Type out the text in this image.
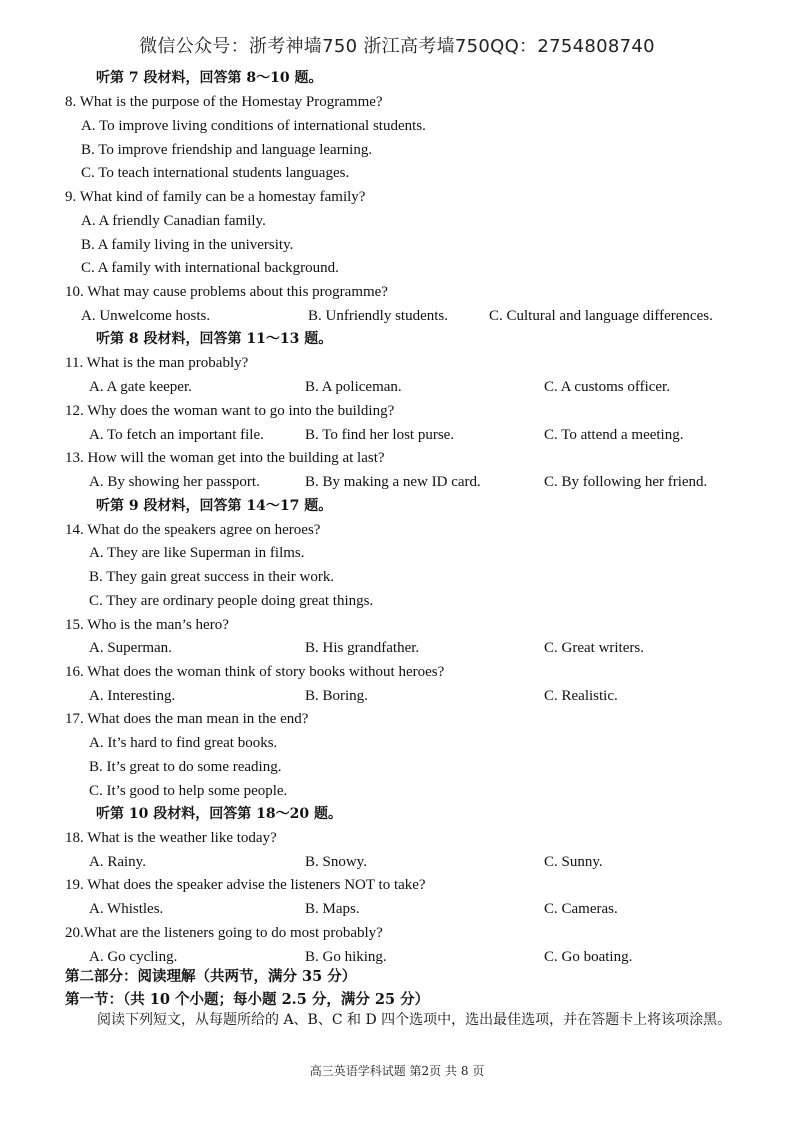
微信公众号：浙考神墙750 浙江高考墙750QQ：2754808740
听第 7 段材料，回答第 8～10 题。
8. What is the purpose of the Homestay Programme?
A. To improve living conditions of international students.
B. To improve friendship and language learning.
C. To teach international students languages.
9. What kind of family can be a homestay family?
A. A friendly Canadian family.
B. A family living in the university.
C. A family with international background.
10. What may cause problems about this programme?
A. Unwelcome hosts.	B. Unfriendly students.	C. Cultural and language differences.
听第 8 段材料，回答第 11～13 题。
11. What is the man probably?
A. A gate keeper.	B. A policeman.	C. A customs officer.
12. Why does the woman want to go into the building?
A. To fetch an important file.	B. To find her lost purse.	C. To attend a meeting.
13. How will the woman get into the building at last?
A. By showing her passport.	B. By making a new ID card.	C. By following her friend.
听第 9 段材料，回答第 14～17 题。
14. What do the speakers agree on heroes?
A. They are like Superman in films.
B. They gain great success in their work.
C. They are ordinary people doing great things.
15. Who is the man’s hero?
A. Superman.	B. His grandfather.	C. Great writers.
16. What does the woman think of story books without heroes?
A. Interesting.	B. Boring.	C. Realistic.
17. What does the man mean in the end?
A. It’s hard to find great books.
B. It’s great to do some reading.
C. It’s good to help some people.
听第 10 段材料，回答第 18～20 题。
18. What is the weather like today?
A. Rainy.	B. Snowy.	C. Sunny.
19. What does the speaker advise the listeners NOT to take?
A. Whistles.	B. Maps.	C. Cameras.
20.What are the listeners going to do most probably?
A. Go cycling.	B. Go hiking.	C. Go boating.
第二部分：阅读理解（共两节，满分 35 分）
第一节：（共 10 个小题；每小题 2.5 分，满分 25 分）
阅读下列短文，从每题所给的 A、B、C 和 D 四个选项中，选出最佳选项，并在答题卡上将该项涂黑。
高三英语学科试题 第2页 共 8 页
